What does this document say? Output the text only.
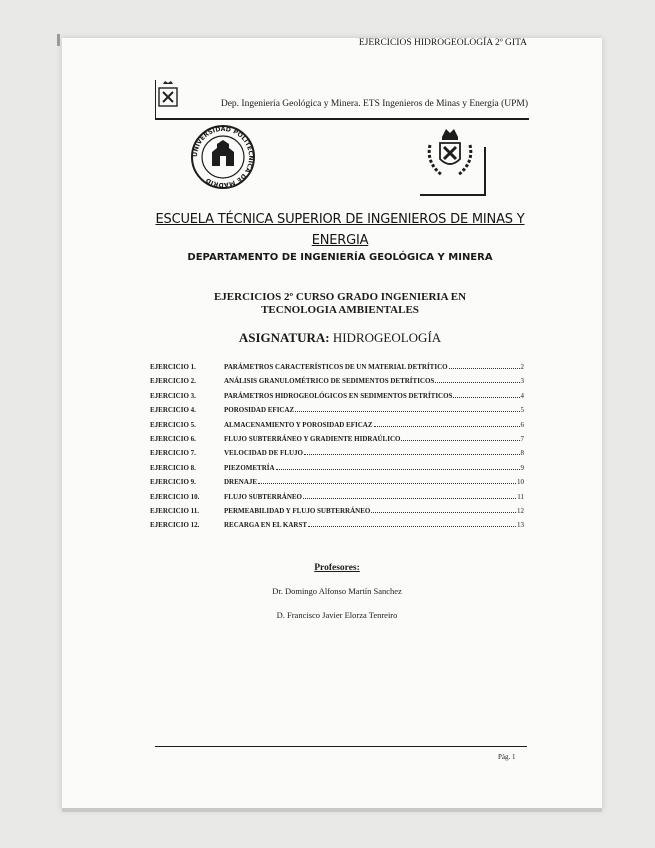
EJERCICIOS HIDROGEOLOGÍA 2º GITA
Dep. Ingeniería Geológica y Minera. ETS Ingenieros de Minas y Energía (UPM)
UNIVERSIDAD POLITÉCNICA DE MADRID
ESCUELA TÉCNICA SUPERIOR DE INGENIEROS DE MINAS Y ENERGIA
DEPARTAMENTO DE INGENIERÍA GEOLÓGICA Y MINERA
EJERCICIOS 2º CURSO GRADO INGENIERIA EN
TECNOLOGIA AMBIENTALES
ASIGNATURA: HIDROGEOLOGÍA
EJERCICIO 1.	PARÁMETROS CARACTERÍSTICOS DE UN MATERIAL DETRÍTICO	2
EJERCICIO 2.	ANÁLISIS GRANULOMÉTRICO DE SEDIMENTOS DETRÍTICOS	3
EJERCICIO 3.	PARÁMETROS HIDROGEOLÓGICOS EN SEDIMENTOS DETRÍTICOS	4
EJERCICIO 4.	POROSIDAD EFICAZ	5
EJERCICIO 5.	ALMACENAMIENTO Y POROSIDAD EFICAZ	6
EJERCICIO 6.	FLUJO SUBTERRÁNEO Y GRADIENTE HIDRAÚLICO	7
EJERCICIO 7.	VELOCIDAD DE FLUJO	8
EJERCICIO 8.	PIEZOMETRÍA	9
EJERCICIO 9.	DRENAJE	10
EJERCICIO 10.	FLUJO SUBTERRÁNEO	11
EJERCICIO 11.	PERMEABILIDAD Y FLUJO SUBTERRÁNEO	12
EJERCICIO 12.	RECARGA EN EL KARST	13
Profesores:
Dr. Domingo Alfonso Martín Sanchez
D. Francisco Javier Elorza Tenreiro
Pág. 1
